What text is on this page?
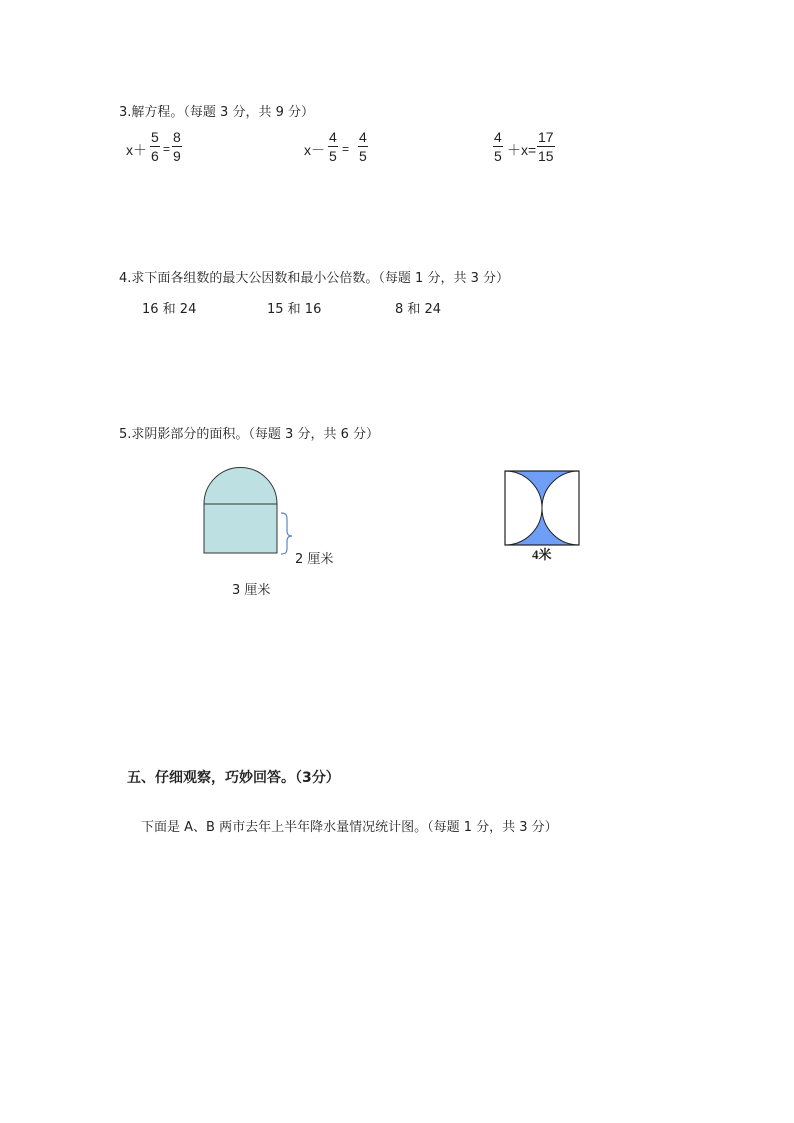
3.解方程。（每题 3 分，共 9 分）
x＋
5
6 =
8
9	x－
4
5 =
4
5
4
5 ＋x=
17
15
4.求下面各组数的最大公因数和最小公倍数。（每题 1 分，共 3 分）
16 和 24	15 和 16	8 和 24
5.求阴影部分的面积。（每题 3 分，共 6 分）
2 厘米
3 厘米
4米
五、仔细观察，巧妙回答。（3分）
下面是 A、B 两市去年上半年降水量情况统计图。（每题 1 分，共 3 分）
